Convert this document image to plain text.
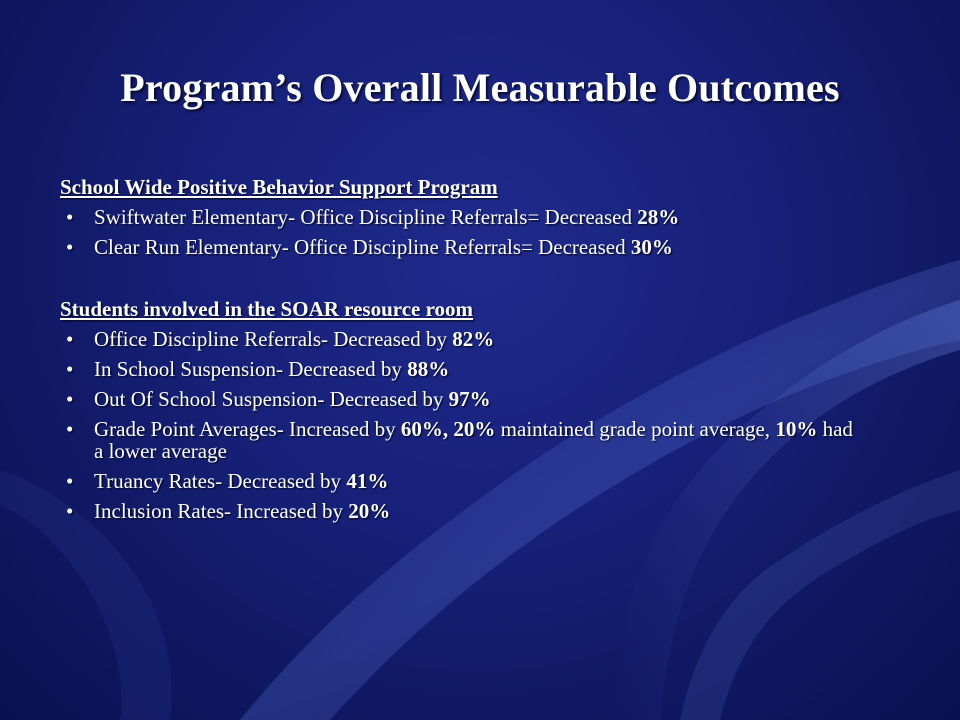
Program’s Overall Measurable Outcomes

School Wide Positive Behavior Support Program

• Swiftwater Elementary- Office Discipline Referrals= Decreased 28%
• Clear Run Elementary- Office Discipline Referrals= Decreased 30%

Students involved in the SOAR resource room

• Office Discipline Referrals- Decreased by 82%
• In School Suspension- Decreased by 88%
• Out Of School Suspension- Decreased by 97%
• Grade Point Averages- Increased by 60%, 20% maintained grade point average, 10% had a lower average
• Truancy Rates- Decreased by 41%
• Inclusion Rates- Increased by 20%
